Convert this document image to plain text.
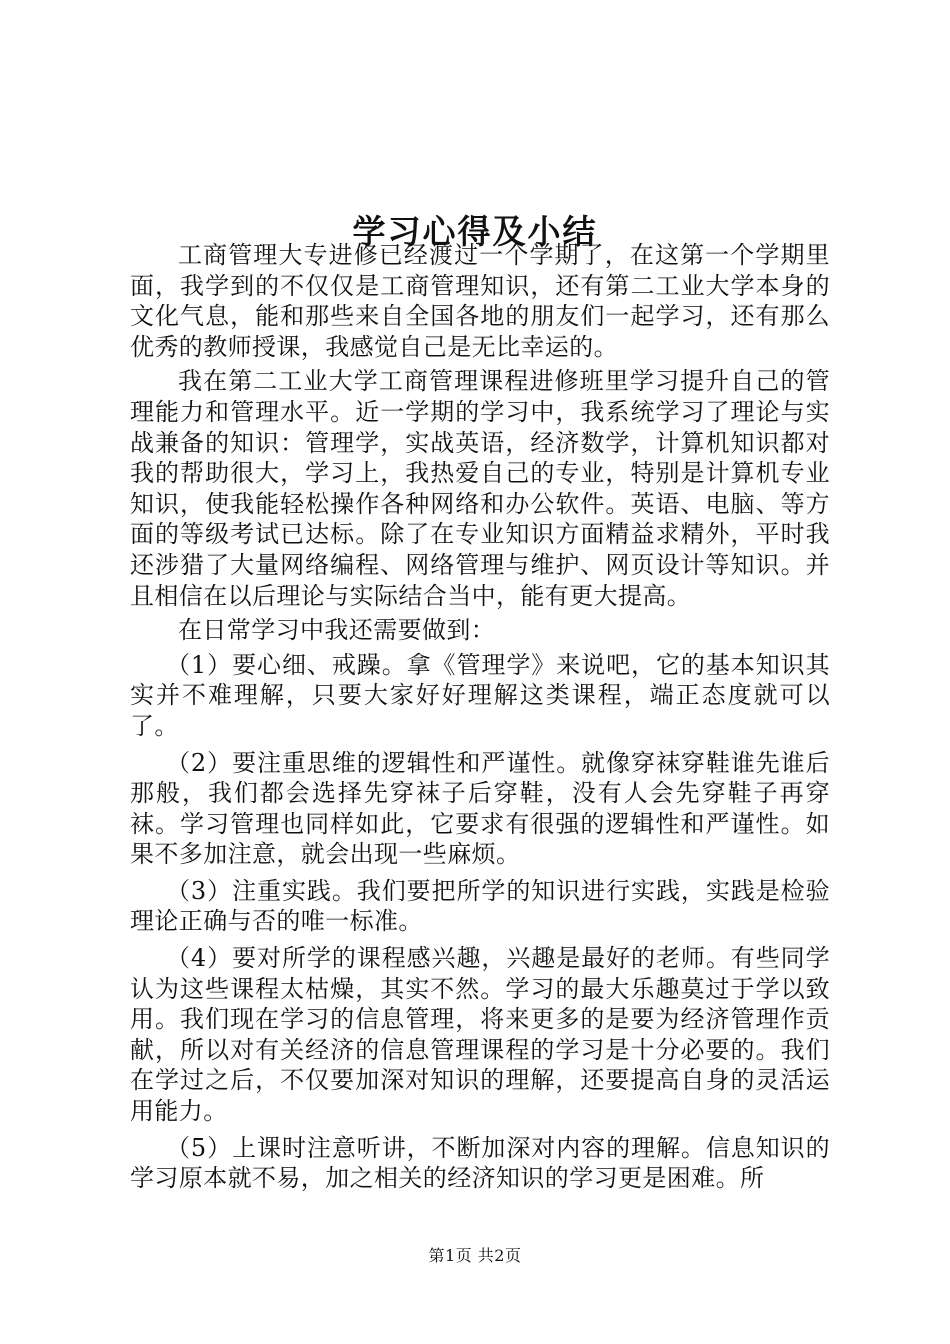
学习心得及小结

工商管理大专进修已经渡过一个学期了，在这第一个学期里面，我学到的不仅仅是工商管理知识，还有第二工业大学本身的文化气息，能和那些来自全国各地的朋友们一起学习，还有那么优秀的教师授课，我感觉自己是无比幸运的。

我在第二工业大学工商管理课程进修班里学习提升自己的管理能力和管理水平。近一学期的学习中，我系统学习了理论与实战兼备的知识：管理学，实战英语，经济数学，计算机知识都对我的帮助很大，学习上，我热爱自己的专业，特别是计算机专业知识，使我能轻松操作各种网络和办公软件。英语、电脑、等方面的等级考试已达标。除了在专业知识方面精益求精外，平时我还涉猎了大量网络编程、网络管理与维护、网页设计等知识。并且相信在以后理论与实际结合当中，能有更大提高。

在日常学习中我还需要做到：

（1）要心细、戒躁。拿《管理学》来说吧，它的基本知识其实并不难理解，只要大家好好理解这类课程，端正态度就可以了。

（2）要注重思维的逻辑性和严谨性。就像穿袜穿鞋谁先谁后那般，我们都会选择先穿袜子后穿鞋，没有人会先穿鞋子再穿袜。学习管理也同样如此，它要求有很强的逻辑性和严谨性。如果不多加注意，就会出现一些麻烦。

（3）注重实践。我们要把所学的知识进行实践，实践是检验理论正确与否的唯一标准。

（4）要对所学的课程感兴趣，兴趣是最好的老师。有些同学认为这些课程太枯燥，其实不然。学习的最大乐趣莫过于学以致用。我们现在学习的信息管理，将来更多的是要为经济管理作贡献，所以对有关经济的信息管理课程的学习是十分必要的。我们在学过之后，不仅要加深对知识的理解，还要提高自身的灵活运用能力。

（5）上课时注意听讲，不断加深对内容的理解。信息知识的学习原本就不易，加之相关的经济知识的学习更是困难。所

第1页 共2页
